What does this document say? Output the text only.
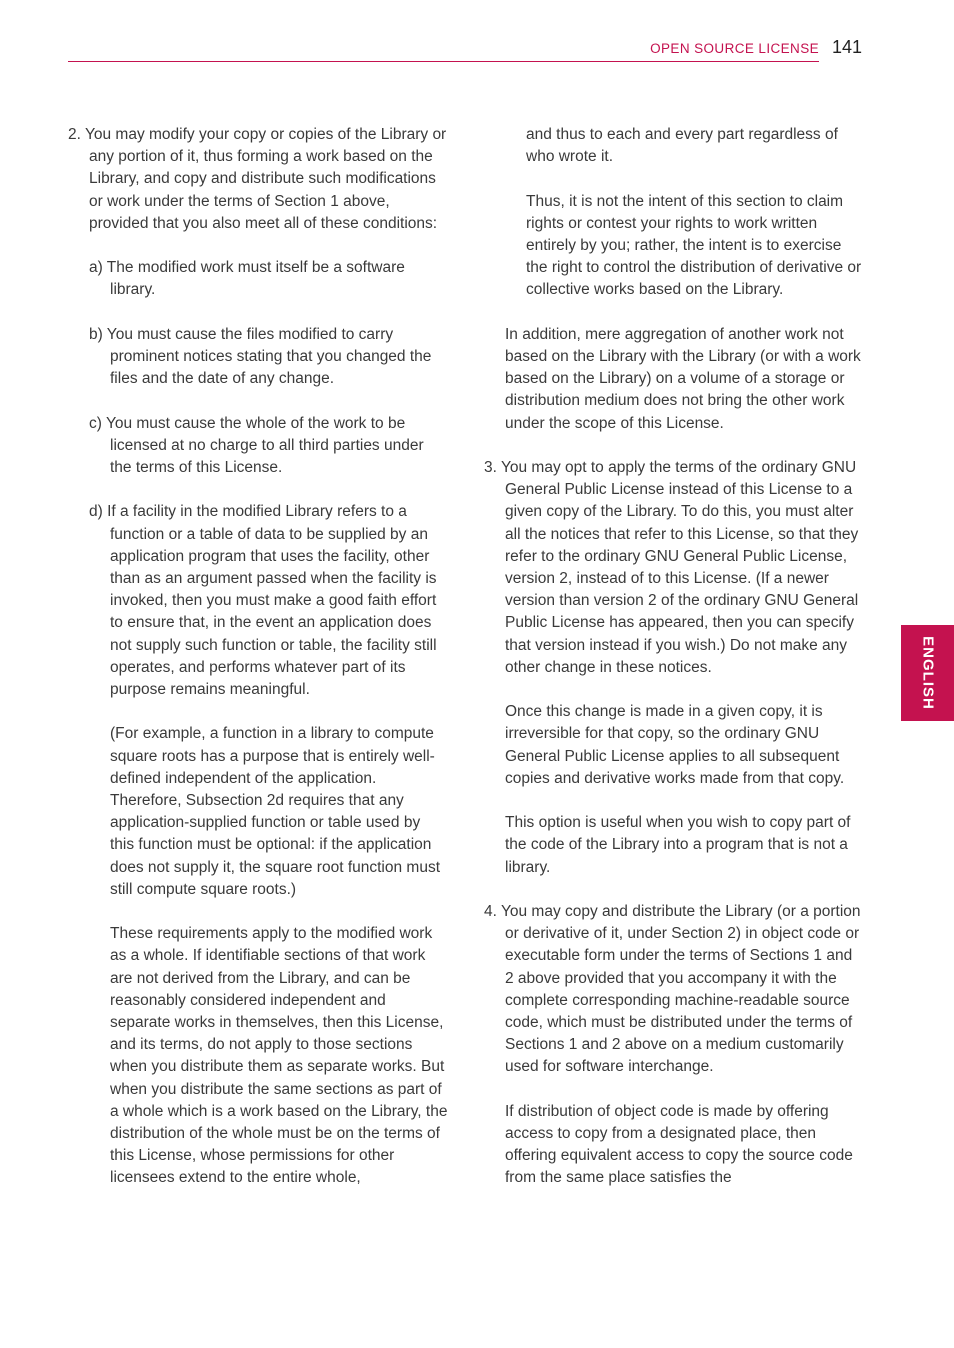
OPEN SOURCE LICENSE 141
ENGLISH

2. You may modify your copy or copies of the Library or any portion of it, thus forming a work based on the Library, and copy and distribute such modifications or work under the terms of Section 1 above, provided that you also meet all of these conditions:

a) The modified work must itself be a software library.

b) You must cause the files modified to carry prominent notices stating that you changed the files and the date of any change.

c) You must cause the whole of the work to be licensed at no charge to all third parties under the terms of this License.

d) If a facility in the modified Library refers to a function or a table of data to be supplied by an application program that uses the facility, other than as an argument passed when the facility is invoked, then you must make a good faith effort to ensure that, in the event an application does not supply such function or table, the facility still operates, and performs whatever part of its purpose remains meaningful.

(For example, a function in a library to compute square roots has a purpose that is entirely well-defined independent of the application. Therefore, Subsection 2d requires that any application-supplied function or table used by this function must be optional: if the application does not supply it, the square root function must still compute square roots.)

These requirements apply to the modified work as a whole. If identifiable sections of that work are not derived from the Library, and can be reasonably considered independent and separate works in themselves, then this License, and its terms, do not apply to those sections when you distribute them as separate works. But when you distribute the same sections as part of a whole which is a work based on the Library, the distribution of the whole must be on the terms of this License, whose permissions for other licensees extend to the entire whole,

and thus to each and every part regardless of who wrote it.

Thus, it is not the intent of this section to claim rights or contest your rights to work written entirely by you; rather, the intent is to exercise the right to control the distribution of derivative or collective works based on the Library.

In addition, mere aggregation of another work not based on the Library with the Library (or with a work based on the Library) on a volume of a storage or distribution medium does not bring the other work under the scope of this License.

3. You may opt to apply the terms of the ordinary GNU General Public License instead of this License to a given copy of the Library. To do this, you must alter all the notices that refer to this License, so that they refer to the ordinary GNU General Public License, version 2, instead of to this License. (If a newer version than version 2 of the ordinary GNU General Public License has appeared, then you can specify that version instead if you wish.) Do not make any other change in these notices.

Once this change is made in a given copy, it is irreversible for that copy, so the ordinary GNU General Public License applies to all subsequent copies and derivative works made from that copy.

This option is useful when you wish to copy part of the code of the Library into a program that is not a library.

4. You may copy and distribute the Library (or a portion or derivative of it, under Section 2) in object code or executable form under the terms of Sections 1 and 2 above provided that you accompany it with the complete corresponding machine-readable source code, which must be distributed under the terms of Sections 1 and 2 above on a medium customarily used for software interchange.

If distribution of object code is made by offering access to copy from a designated place, then offering equivalent access to copy the source code from the same place satisfies the
